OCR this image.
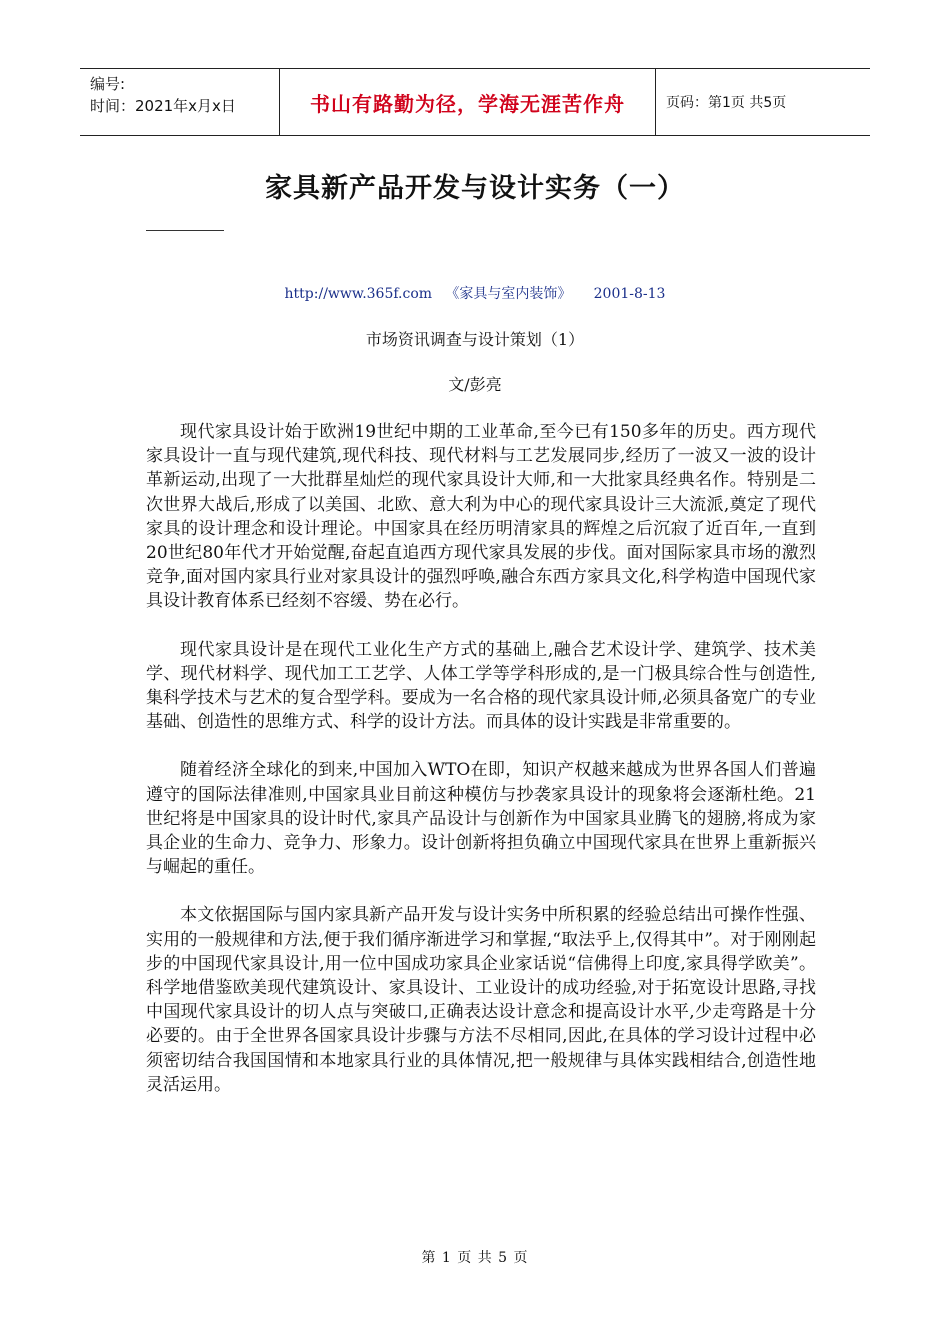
编号:
时间：2021年x月x日	书山有路勤为径，学海无涯苦作舟	页码：第1页 共5页
家具新产品开发与设计实务（一）
http://www.365f.com   《家具与室内装饰》     2001-8-13
市场资讯调查与设计策划（1）
文/彭亮

现代家具设计始于欧洲19世纪中期的工业革命,至今已有150多年的历史。西方现代家具设计一直与现代建筑,现代科技、现代材料与工艺发展同步,经历了一波又一波的设计革新运动,出现了一大批群星灿烂的现代家具设计大师,和一大批家具经典名作。特别是二次世界大战后,形成了以美国、北欧、意大利为中心的现代家具设计三大流派,奠定了现代家具的设计理念和设计理论。中国家具在经历明清家具的辉煌之后沉寂了近百年,一直到20世纪80年代才开始觉醒,奋起直追西方现代家具发展的步伐。面对国际家具市场的激烈竞争,面对国内家具行业对家具设计的强烈呼唤,融合东西方家具文化,科学构造中国现代家具设计教育体系已经刻不容缓、势在必行。

现代家具设计是在现代工业化生产方式的基础上,融合艺术设计学、建筑学、技术美学、现代材料学、现代加工工艺学、人体工学等学科形成的,是一门极具综合性与创造性,集科学技术与艺术的复合型学科。要成为一名合格的现代家具设计师,必须具备宽广的专业基础、创造性的思维方式、科学的设计方法。而具体的设计实践是非常重要的。

随着经济全球化的到来,中国加入WTO在即，知识产权越来越成为世界各国人们普遍遵守的国际法律准则,中国家具业目前这种模仿与抄袭家具设计的现象将会逐渐杜绝。21世纪将是中国家具的设计时代,家具产品设计与创新作为中国家具业腾飞的翅膀,将成为家具企业的生命力、竞争力、形象力。设计创新将担负确立中国现代家具在世界上重新振兴与崛起的重任。

本文依据国际与国内家具新产品开发与设计实务中所积累的经验总结出可操作性强、实用的一般规律和方法,便于我们循序渐进学习和掌握,“取法乎上,仅得其中”。对于刚刚起步的中国现代家具设计,用一位中国成功家具企业家话说“信佛得上印度,家具得学欧美”。科学地借鉴欧美现代建筑设计、家具设计、工业设计的成功经验,对于拓宽设计思路,寻找中国现代家具设计的切人点与突破口,正确表达设计意念和提高设计水平,少走弯路是十分必要的。由于全世界各国家具设计步骤与方法不尽相同,因此,在具体的学习设计过程中必须密切结合我国国情和本地家具行业的具体情况,把一般规律与具体实践相结合,创造性地灵活运用。

第 1 页 共 5 页
